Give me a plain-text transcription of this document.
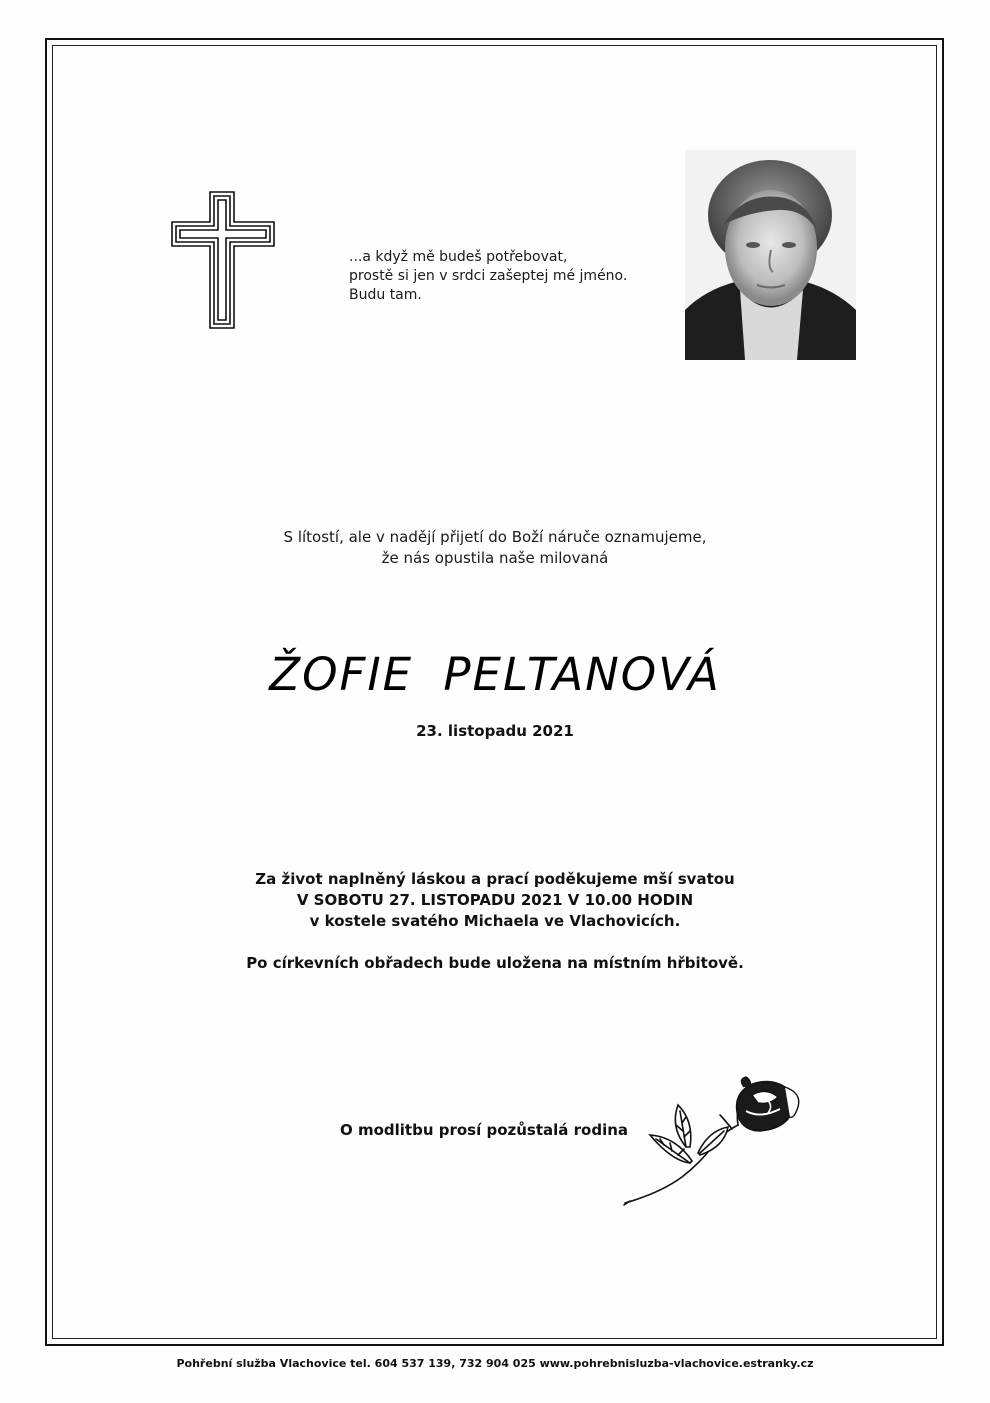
...a když mě budeš potřebovat,
prostě si jen v srdci zašeptej mé jméno.
Budu tam.
S lítostí, ale v nadějí přijetí do Boží náruče oznamujeme,
že nás opustila naše milovaná
ŽOFIE PELTANOVÁ
23. listopadu 2021
Za život naplněný láskou a prací poděkujeme mší svatou
V SOBOTU 27. LISTOPADU 2021 V 10.00 HODIN
v kostele svatého Michaela ve Vlachovicích.
Po církevních obřadech bude uložena na místním hřbitově.
O modlitbu prosí pozůstalá rodina
Pohřební služba Vlachovice tel. 604 537 139, 732 904 025 www.pohrebnisluzba-vlachovice.estranky.cz
